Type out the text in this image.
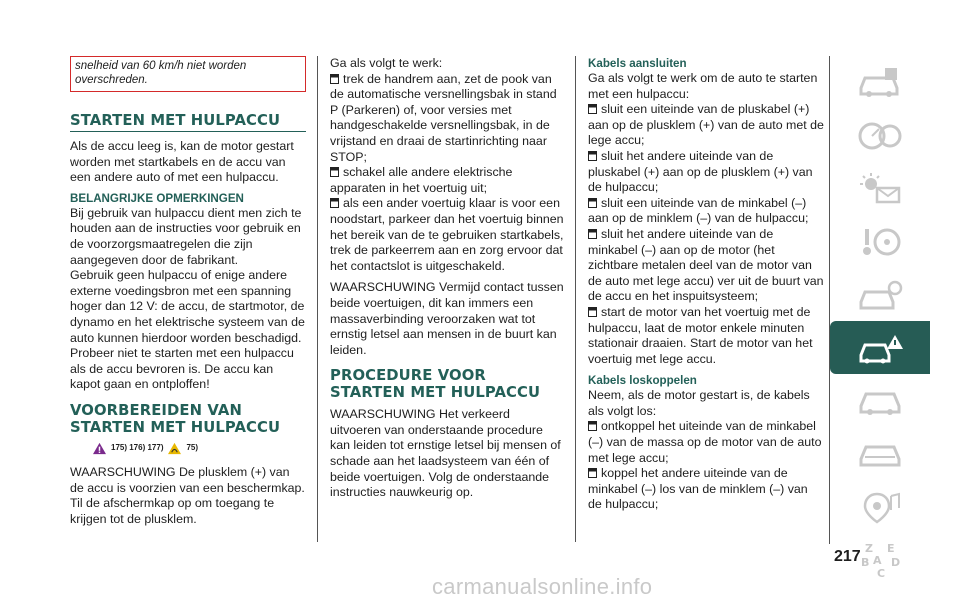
snelheid van 60 km/h niet worden overschreden.
STARTEN MET HULPACCU

Als de accu leeg is, kan de motor gestart worden met startkabels en de accu van een andere auto of met een hulpaccu.

BELANGRIJKE OPMERKINGEN

Bij gebruik van hulpaccu dient men zich te houden aan de instructies voor gebruik en de voorzorgsmaatregelen die zijn aangegeven door de fabrikant.

Gebruik geen hulpaccu of enige andere externe voedingsbron met een spanning hoger dan 12 V: de accu, de startmotor, de dynamo en het elektrische systeem van de auto kunnen hierdoor worden beschadigd.

Probeer niet te starten met een hulpaccu als de accu bevroren is. De accu kan kapot gaan en ontploffen!

VOORBEREIDEN VAN STARTEN MET HULPACCU
175) 176) 177)	75)

WAARSCHUWING De plusklem (+) van de accu is voorzien van een beschermkap. Til de afschermkap op om toegang te krijgen tot de plusklem.

Ga als volgt te werk:

trek de handrem aan, zet de pook van de automatische versnellingsbak in stand P (Parkeren) of, voor versies met handgeschakelde versnellingsbak, in de vrijstand en draai de startinrichting naar STOP;

schakel alle andere elektrische apparaten in het voertuig uit;

als een ander voertuig klaar is voor een noodstart, parkeer dan het voertuig binnen het bereik van de te gebruiken startkabels, trek de parkeerrem aan en zorg ervoor dat het contactslot is uitgeschakeld.

WAARSCHUWING Vermijd contact tussen beide voertuigen, dit kan immers een massaverbinding veroorzaken wat tot ernstig letsel aan mensen in de buurt kan leiden.

PROCEDURE VOOR STARTEN MET HULPACCU

WAARSCHUWING Het verkeerd uitvoeren van onderstaande procedure kan leiden tot ernstige letsel bij mensen of schade aan het laadsysteem van één of beide voertuigen. Volg de onderstaande instructies nauwkeurig op.

Kabels aansluiten

Ga als volgt te werk om de auto te starten met een hulpaccu:

sluit een uiteinde van de pluskabel (+) aan op de plusklem (+) van de auto met de lege accu;

sluit het andere uiteinde van de pluskabel (+) aan op de plusklem (+) van de hulpaccu;

sluit een uiteinde van de minkabel (–) aan op de minklem (–) van de hulpaccu;

sluit het andere uiteinde van de minkabel (–) aan op de motor (het zichtbare metalen deel van de motor van de auto met lege accu) ver uit de buurt van de accu en het inspuitsysteem;

start de motor van het voertuig met de hulpaccu, laat de motor enkele minuten stationair draaien. Start de motor van het voertuig met lege accu.

Kabels loskoppelen

Neem, als de motor gestart is, de kabels als volgt los:

ontkoppel het uiteinde van de minkabel (–) van de massa op de motor van de auto met lege accu;

koppel het andere uiteinde van de minkabel (–) los van de minklem (–) van de hulpaccu;

Z E
A
B D
C
217
carmanualsonline.info
